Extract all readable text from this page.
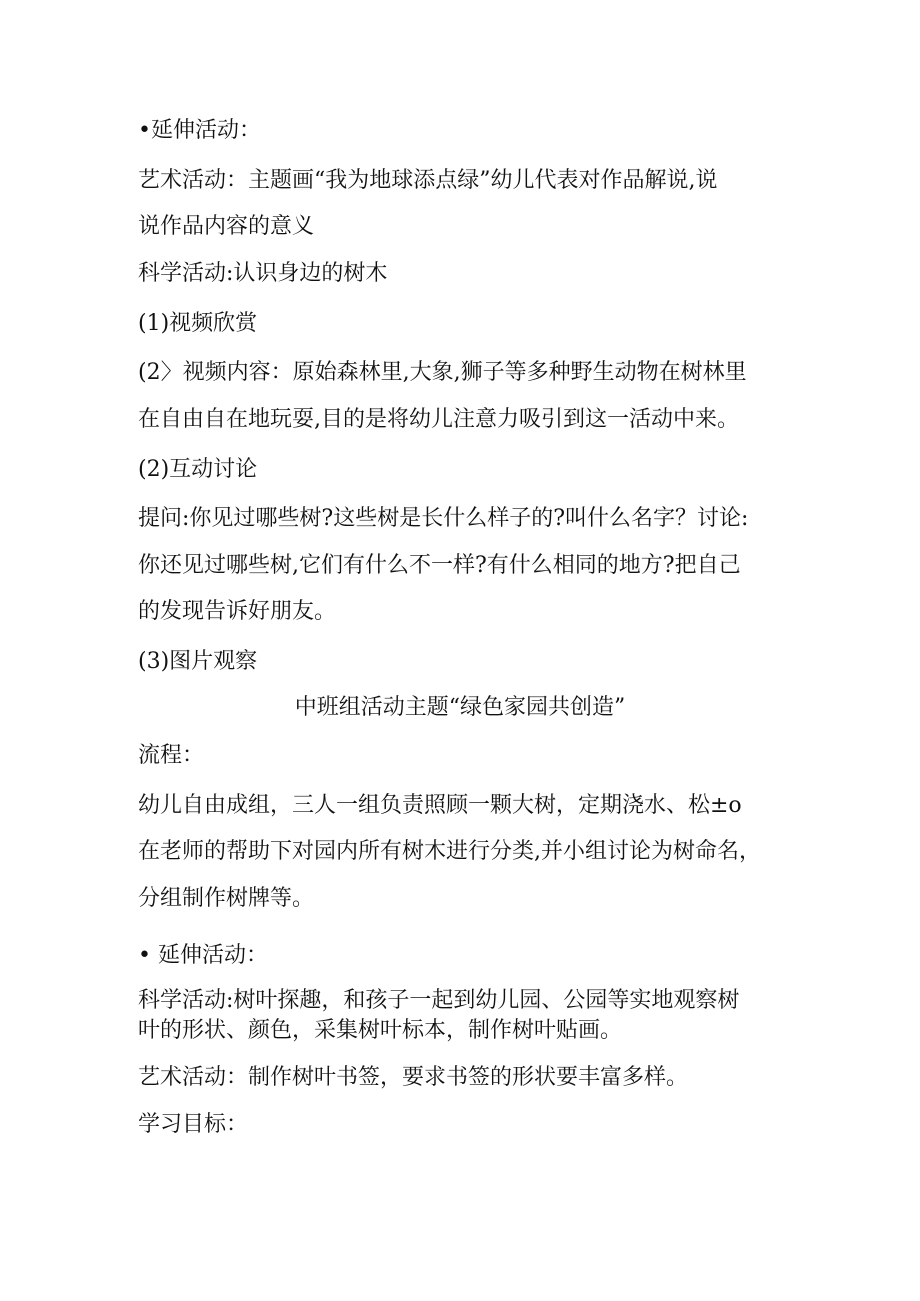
•延伸活动：
艺术活动：主题画“我为地球添点绿”幼儿代表对作品解说,说
说作品内容的意义
科学活动:认识身边的树木
(1)视频欣赏
(2〉视频内容：原始森林里,大象,狮子等多种野生动物在树林里
在自由自在地玩耍,目的是将幼儿注意力吸引到这一活动中来。
(2)互动讨论
提问:你见过哪些树?这些树是长什么样子的?叫什么名字？讨论:
你还见过哪些树,它们有什么不一样?有什么相同的地方?把自己
的发现告诉好朋友。
(3)图片观察
中班组活动主题“绿色家园共创造”
流程：
幼儿自由成组，三人一组负责照顾一颗大树，定期浇水、松±o
在老师的帮助下对园内所有树木进行分类,并小组讨论为树命名，
分组制作树牌等。
• 延伸活动：
科学活动:树叶探趣，和孩子一起到幼儿园、公园等实地观察树
叶的形状、颜色，采集树叶标本，制作树叶贴画。
艺术活动：制作树叶书签，要求书签的形状要丰富多样。
学习目标：
